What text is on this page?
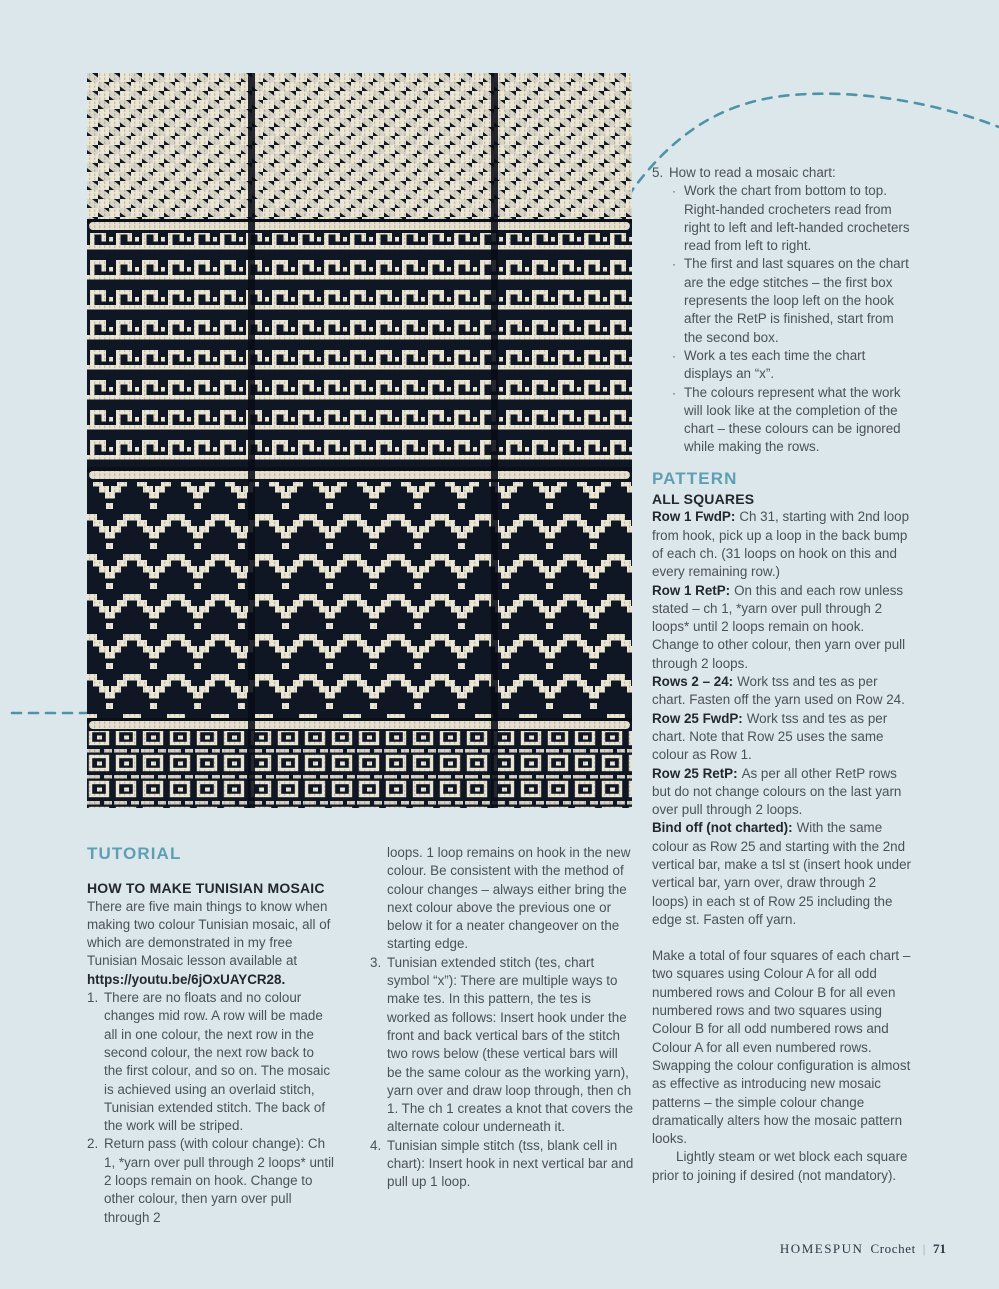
5. How to read a mosaic chart:
· Work the chart from bottom to top. Right-handed crocheters read from right to left and left-handed crocheters read from left to right.
· The first and last squares on the chart are the edge stitches – the first box represents the loop left on the hook after the RetP is finished, start from the second box.
· Work a tes each time the chart displays an “x”.
· The colours represent what the work will look like at the completion of the chart – these colours can be ignored while making the rows.
PATTERN
ALL SQUARES

Row 1 FwdP: Ch 31, starting with 2nd loop from hook, pick up a loop in the back bump of each ch. (31 loops on hook on this and every remaining row.)

Row 1 RetP: On this and each row unless stated – ch 1, *yarn over pull through 2 loops* until 2 loops remain on hook. Change to other colour, then yarn over pull through 2 loops.

Rows 2 – 24: Work tss and tes as per chart. Fasten off the yarn used on Row 24.

Row 25 FwdP: Work tss and tes as per chart. Note that Row 25 uses the same colour as Row 1.

Row 25 RetP: As per all other RetP rows but do not change colours on the last yarn over pull through 2 loops.

Bind off (not charted): With the same colour as Row 25 and starting with the 2nd vertical bar, make a tsl st (insert hook under vertical bar, yarn over, draw through 2 loops) in each st of Row 25 including the edge st. Fasten off yarn.

Make a total of four squares of each chart – two squares using Colour A for all odd numbered rows and Colour B for all even numbered rows and two squares using Colour B for all odd numbered rows and Colour A for all even numbered rows. Swapping the colour configuration is almost as effective as introducing new mosaic patterns – the simple colour change dramatically alters how the mosaic pattern looks.

Lightly steam or wet block each square prior to joining if desired (not mandatory).

TUTORIAL
HOW TO MAKE TUNISIAN MOSAIC

There are five main things to know when making two colour Tunisian mosaic, all of which are demonstrated in my free Tunisian Mosaic lesson available at

https://youtu.be/6jOxUAYCR28.

1. There are no floats and no colour changes mid row. A row will be made all in one colour, the next row in the second colour, the next row back to the first colour, and so on. The mosaic is achieved using an overlaid stitch, Tunisian extended stitch. The back of the work will be striped.
2. Return pass (with colour change): Ch 1, *yarn over pull through 2 loops* until 2 loops remain on hook. Change to other colour, then yarn over pull through 2
loops. 1 loop remains on hook in the new colour. Be consistent with the method of colour changes – always either bring the next colour above the previous one or below it for a neater changeover on the starting edge.
3. Tunisian extended stitch (tes, chart symbol “x”): There are multiple ways to make tes. In this pattern, the tes is worked as follows: Insert hook under the front and back vertical bars of the stitch two rows below (these vertical bars will be the same colour as the working yarn), yarn over and draw loop through, then ch 1. The ch 1 creates a knot that covers the alternate colour underneath it.
4. Tunisian simple stitch (tss, blank cell in chart): Insert hook in next vertical bar and pull up 1 loop.
HOMESPUN Crochet | 71
